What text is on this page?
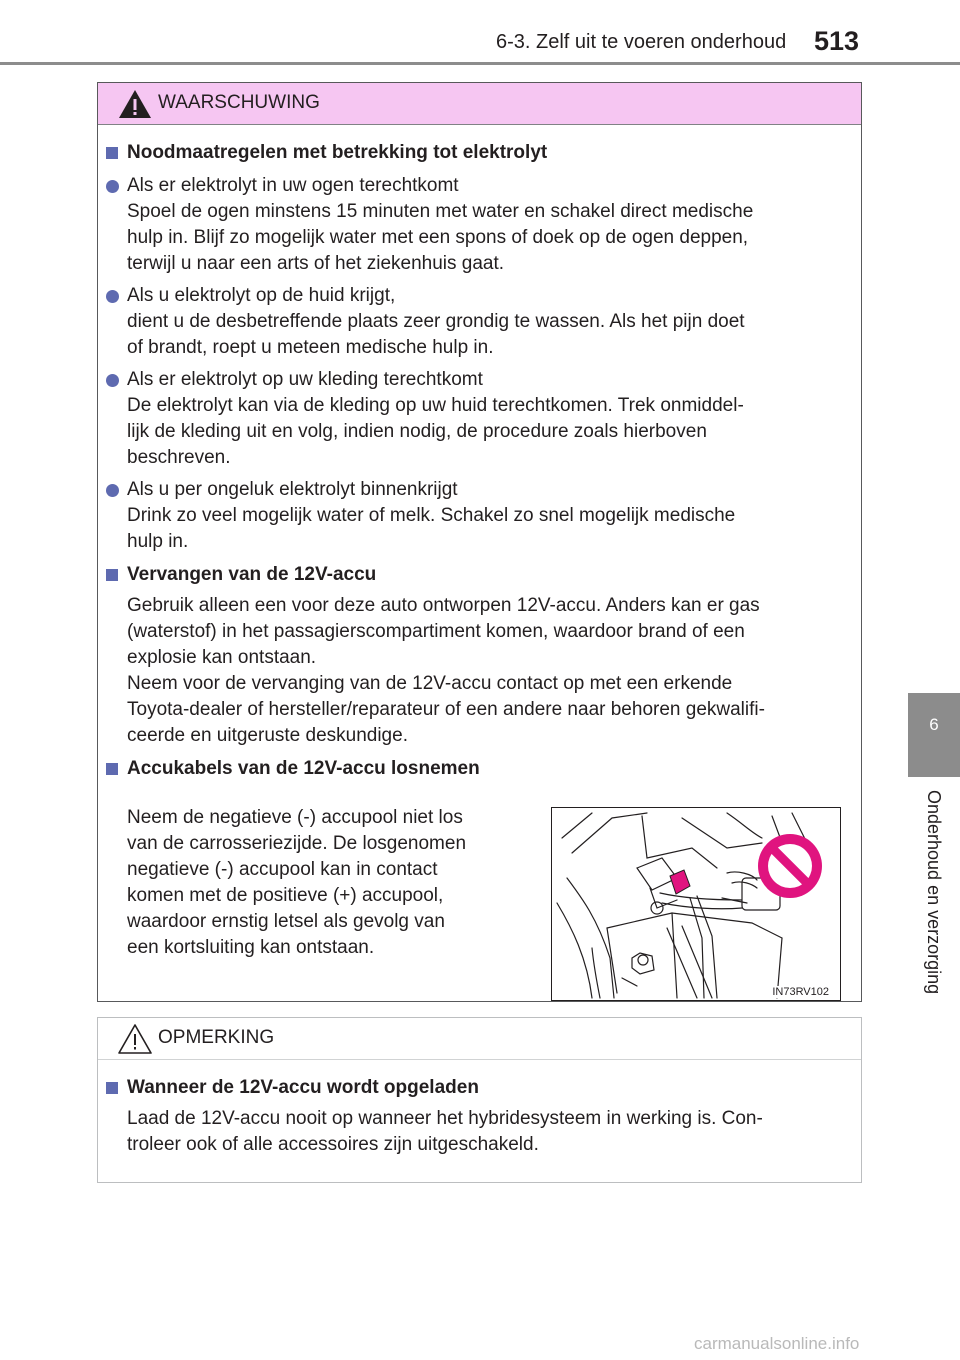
6-3. Zelf uit te voeren onderhoud	513
6
Onderhoud en verzorging
WAARSCHUWING
Noodmaatregelen met betrekking tot elektrolyt
Als er elektrolyt in uw ogen terechtkomt
Spoel de ogen minstens 15 minuten met water en schakel direct medische
hulp in. Blijf zo mogelijk water met een spons of doek op de ogen deppen,
terwijl u naar een arts of het ziekenhuis gaat.
Als u elektrolyt op de huid krijgt,
dient u de desbetreffende plaats zeer grondig te wassen. Als het pijn doet
of brandt, roept u meteen medische hulp in.
Als er elektrolyt op uw kleding terechtkomt
De elektrolyt kan via de kleding op uw huid terechtkomen. Trek onmiddel-
lijk de kleding uit en volg, indien nodig, de procedure zoals hierboven
beschreven.
Als u per ongeluk elektrolyt binnenkrijgt
Drink zo veel mogelijk water of melk. Schakel zo snel mogelijk medische
hulp in.
Vervangen van de 12V-accu
Gebruik alleen een voor deze auto ontworpen 12V-accu. Anders kan er gas
(waterstof) in het passagierscompartiment komen, waardoor brand of een
explosie kan ontstaan.
Neem voor de vervanging van de 12V-accu contact op met een erkende
Toyota-dealer of hersteller/reparateur of een andere naar behoren gekwalifi-
ceerde en uitgeruste deskundige.
Accukabels van de 12V-accu losnemen
Neem de negatieve (-) accupool niet los
van de carrosseriezijde. De losgenomen
negatieve (-) accupool kan in contact
komen met de positieve (+) accupool,
waardoor ernstig letsel als gevolg van
een kortsluiting kan ontstaan.
IN73RV102
OPMERKING
Wanneer de 12V-accu wordt opgeladen
Laad de 12V-accu nooit op wanneer het hybridesysteem in werking is. Con-
troleer ook of alle accessoires zijn uitgeschakeld.
carmanualsonline.info
